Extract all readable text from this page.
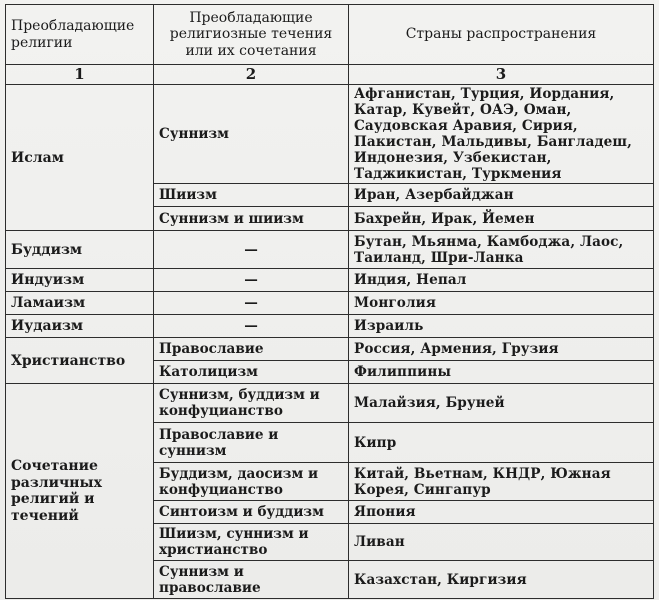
Преобладающие религии	Преобладающие религиозные течения или их сочетания	Страны распространения
1	2	3
Ислам	Суннизм	Афганистан, Турция, Иордания, Катар, Кувейт, ОАЭ, Оман, Саудовская Аравия, Сирия, Пакистан, Мальдивы, Бангладеш, Индонезия, Узбекистан, Таджикистан, Туркмения
	Шиизм	Иран, Азербайджан
	Суннизм и шиизм	Бахрейн, Ирак, Йемен
Буддизм	—	Бутан, Мьянма, Камбоджа, Лаос, Таиланд, Шри-Ланка
Индуизм	—	Индия, Непал
Ламаизм	—	Монголия
Иудаизм	—	Израиль
Христианство	Православие	Россия, Армения, Грузия
	Католицизм	Филиппины
Сочетание различных религий и течений	Суннизм, буддизм и конфуцианство	Малайзия, Бруней
	Православие и суннизм	Кипр
	Буддизм, даосизм и конфуцианство	Китай, Вьетнам, КНДР, Южная Корея, Сингапур
	Синтоизм и буддизм	Япония
	Шиизм, суннизм и христианство	Ливан
	Суннизм и православие	Казахстан, Киргизия
